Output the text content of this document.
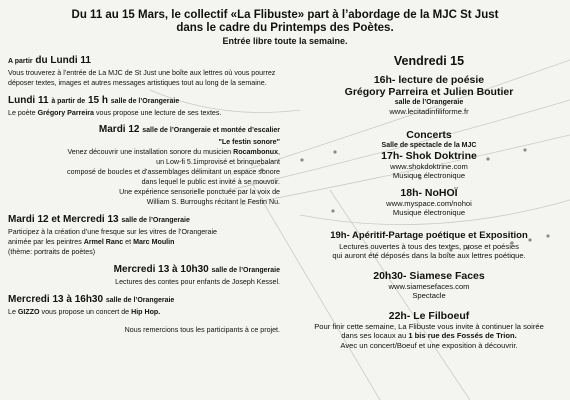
Du 11 au 15 Mars, le collectif «La Flibuste» part à l’abordage de la MJC St Just
dans le cadre du Printemps des Poètes.
Entrée libre toute la semaine.
A partir du Lundi 11
Vous trouverez à l’entrée de La MJC de St Just une boîte aux lettres où vous pourrez déposer textes, images et autres messages artistiques tout au long de la semaine.
Lundi 11 à partir de 15 h salle de l’Orangeraie
Le poète Grégory Parreira vous propose une lecture de ses textes.
Mardi 12 salle de l’Orangeraie et montée d’escalier
"Le festin sonore"
Venez découvrir une installation sonore du musicien Rocambonux,
un Low-fi 5.1improvisé et brinquebalant
composé de boucles et d’assemblages délimitant un espace sonore
dans lequel le public est invité à se mouvoir.
Une expérience sensorielle ponctuée par la voix de
William S. Burroughs récitant le Festin Nu.
Mardi 12 et Mercredi 13 salle de l’Orangeraie
Participez à la création d’une fresque sur les vitres de l’Orangeraie
animée par les peintres Armel Ranc et Marc Moulin
(thème: portraits de poètes)
Mercredi 13 à 10h30 salle de l’Orangeraie
Lectures des contes pour enfants de Joseph Kessel.
Mercredi 13 à 16h30 salle de l’Orangeraie
Le GIZZO vous propose un concert de Hip Hop.
Nous remercions tous les participants à ce projet.
Vendredi 15
16h- lecture de poésie
Grégory Parreira et Julien Boutier
salle de l’Orangeraie
www.lecitadinfiliforme.fr
Concerts
Salle de spectacle de la MJC
17h- Shok Doktrine
www.shokdoktrine.com
Musique électronique
18h- NoHOÏ
www.myspace.com/nohoi
Musique électronique
19h- Apéritif-Partage poétique et Exposition
Lectures ouvertes à tous des textes, prose et poésies
qui auront été déposés dans la boîte aux lettres poétique.
20h30- Siamese Faces
www.siamesefaces.com
Spectacle
22h- Le Filboeuf
Pour finir cette semaine, La Flibuste vous invite à continuer la soirée
dans ses locaux au 1 bis rue des Fossés de Trion.
Avec un concert/Boeuf et une exposition à découvrir.
